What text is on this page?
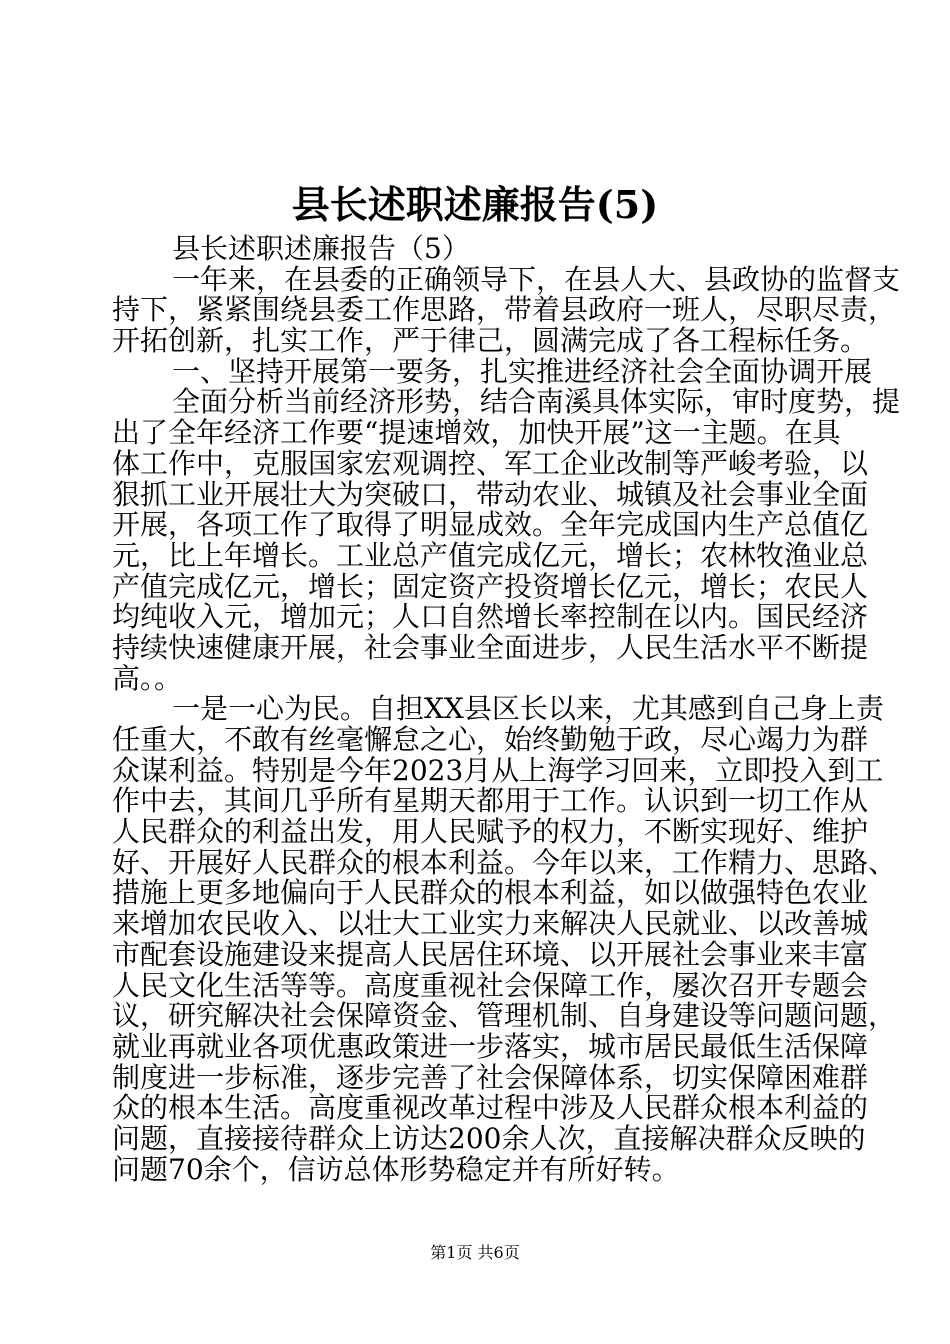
县长述职述廉报告(5)
县长述职述廉报告（5）
一年来，在县委的正确领导下，在县人大、县政协的监督支
持下，紧紧围绕县委工作思路，带着县政府一班人，尽职尽责，
开拓创新，扎实工作，严于律己，圆满完成了各工程标任务。
一、坚持开展第一要务，扎实推进经济社会全面协调开展
全面分析当前经济形势，结合南溪具体实际，审时度势，提
出了全年经济工作要“提速增效，加快开展”这一主题。在具
体工作中，克服国家宏观调控、军工企业改制等严峻考验，以
狠抓工业开展壮大为突破口，带动农业、城镇及社会事业全面
开展，各项工作了取得了明显成效。全年完成国内生产总值亿
元，比上年增长。工业总产值完成亿元，增长；农林牧渔业总
产值完成亿元，增长；固定资产投资增长亿元，增长；农民人
均纯收入元，增加元；人口自然增长率控制在以内。国民经济
持续快速健康开展，社会事业全面进步，人民生活水平不断提
高。。
一是一心为民。自担XX县区长以来，尤其感到自己身上责
任重大，不敢有丝毫懈怠之心，始终勤勉于政，尽心竭力为群
众谋利益。特别是今年2023月从上海学习回来，立即投入到工
作中去，其间几乎所有星期天都用于工作。认识到一切工作从
人民群众的利益出发，用人民赋予的权力，不断实现好、维护
好、开展好人民群众的根本利益。今年以来，工作精力、思路、
措施上更多地偏向于人民群众的根本利益，如以做强特色农业
来增加农民收入、以壮大工业实力来解决人民就业、以改善城
市配套设施建设来提高人民居住环境、以开展社会事业来丰富
人民文化生活等等。高度重视社会保障工作，屡次召开专题会
议，研究解决社会保障资金、管理机制、自身建设等问题问题，
就业再就业各项优惠政策进一步落实，城市居民最低生活保障
制度进一步标准，逐步完善了社会保障体系，切实保障困难群
众的根本生活。高度重视改革过程中涉及人民群众根本利益的
问题，直接接待群众上访达200余人次，直接解决群众反映的
问题70余个，信访总体形势稳定并有所好转。
第1页 共6页
